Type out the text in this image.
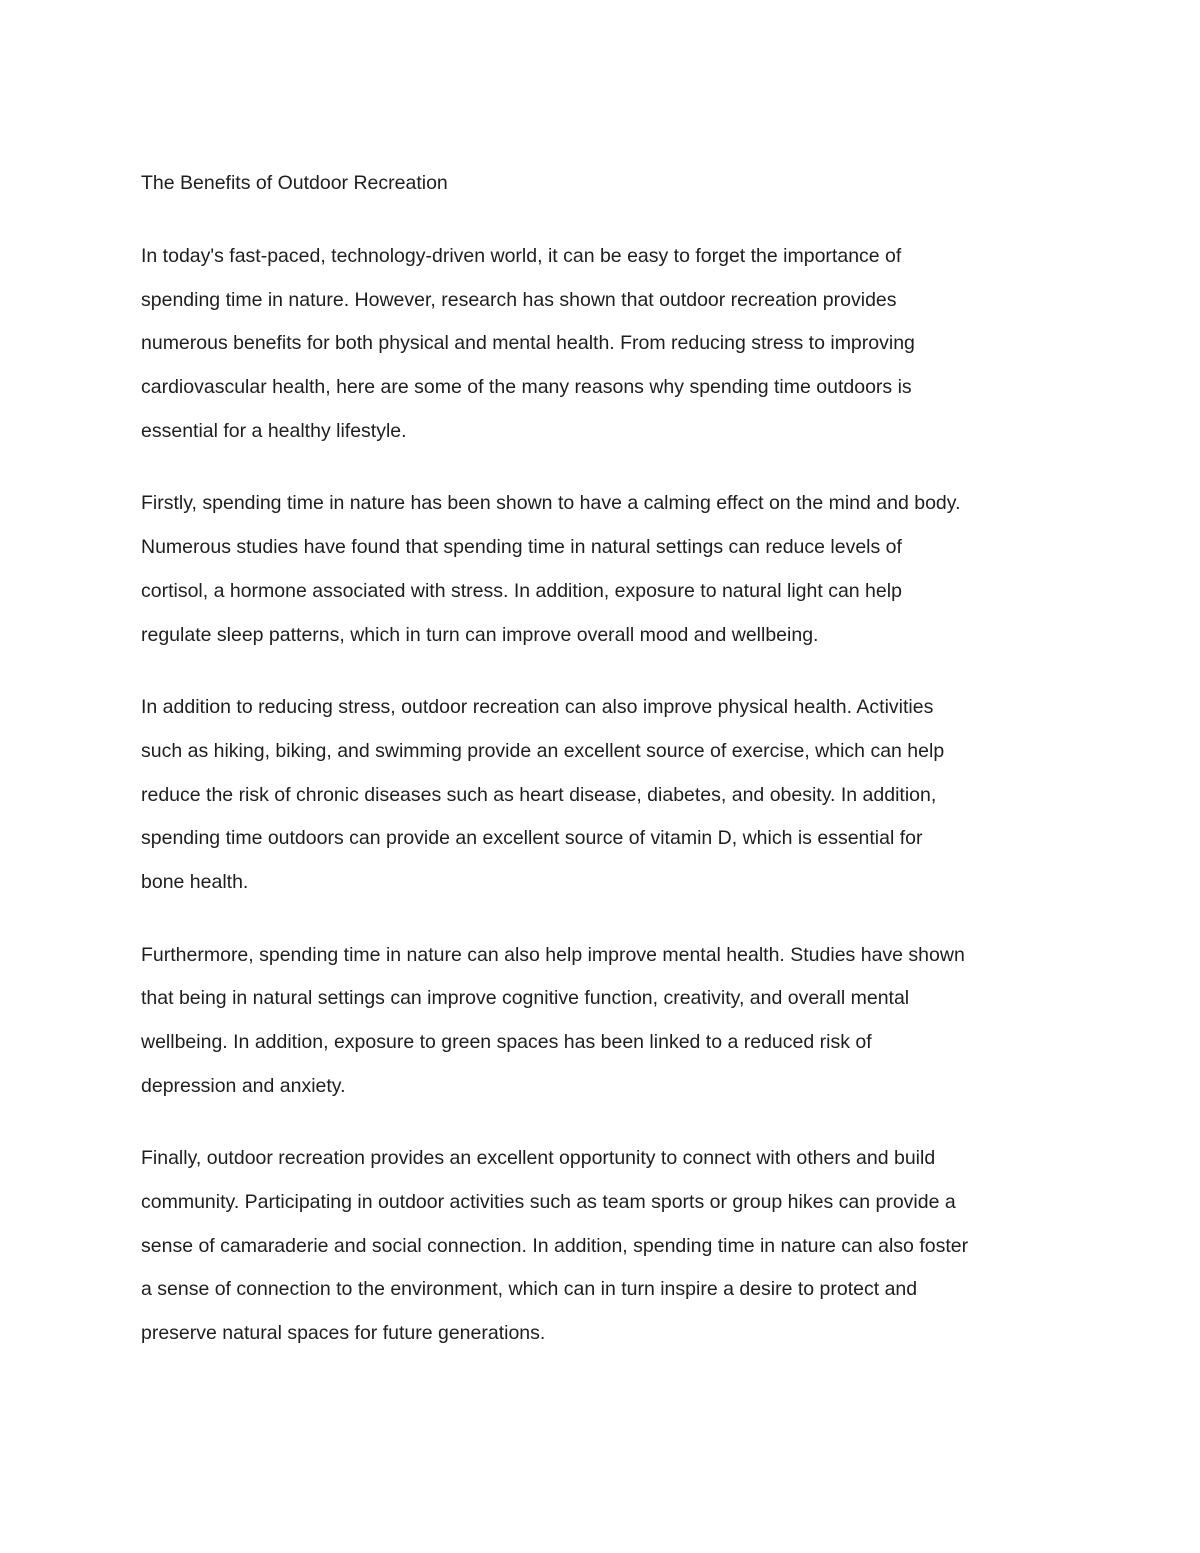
The Benefits of Outdoor Recreation

In today's fast-paced, technology-driven world, it can be easy to forget the importance of
spending time in nature. However, research has shown that outdoor recreation provides
numerous benefits for both physical and mental health. From reducing stress to improving
cardiovascular health, here are some of the many reasons why spending time outdoors is
essential for a healthy lifestyle.

Firstly, spending time in nature has been shown to have a calming effect on the mind and body.
Numerous studies have found that spending time in natural settings can reduce levels of
cortisol, a hormone associated with stress. In addition, exposure to natural light can help
regulate sleep patterns, which in turn can improve overall mood and wellbeing.

In addition to reducing stress, outdoor recreation can also improve physical health. Activities
such as hiking, biking, and swimming provide an excellent source of exercise, which can help
reduce the risk of chronic diseases such as heart disease, diabetes, and obesity. In addition,
spending time outdoors can provide an excellent source of vitamin D, which is essential for
bone health.

Furthermore, spending time in nature can also help improve mental health. Studies have shown
that being in natural settings can improve cognitive function, creativity, and overall mental
wellbeing. In addition, exposure to green spaces has been linked to a reduced risk of
depression and anxiety.

Finally, outdoor recreation provides an excellent opportunity to connect with others and build
community. Participating in outdoor activities such as team sports or group hikes can provide a
sense of camaraderie and social connection. In addition, spending time in nature can also foster
a sense of connection to the environment, which can in turn inspire a desire to protect and
preserve natural spaces for future generations.
